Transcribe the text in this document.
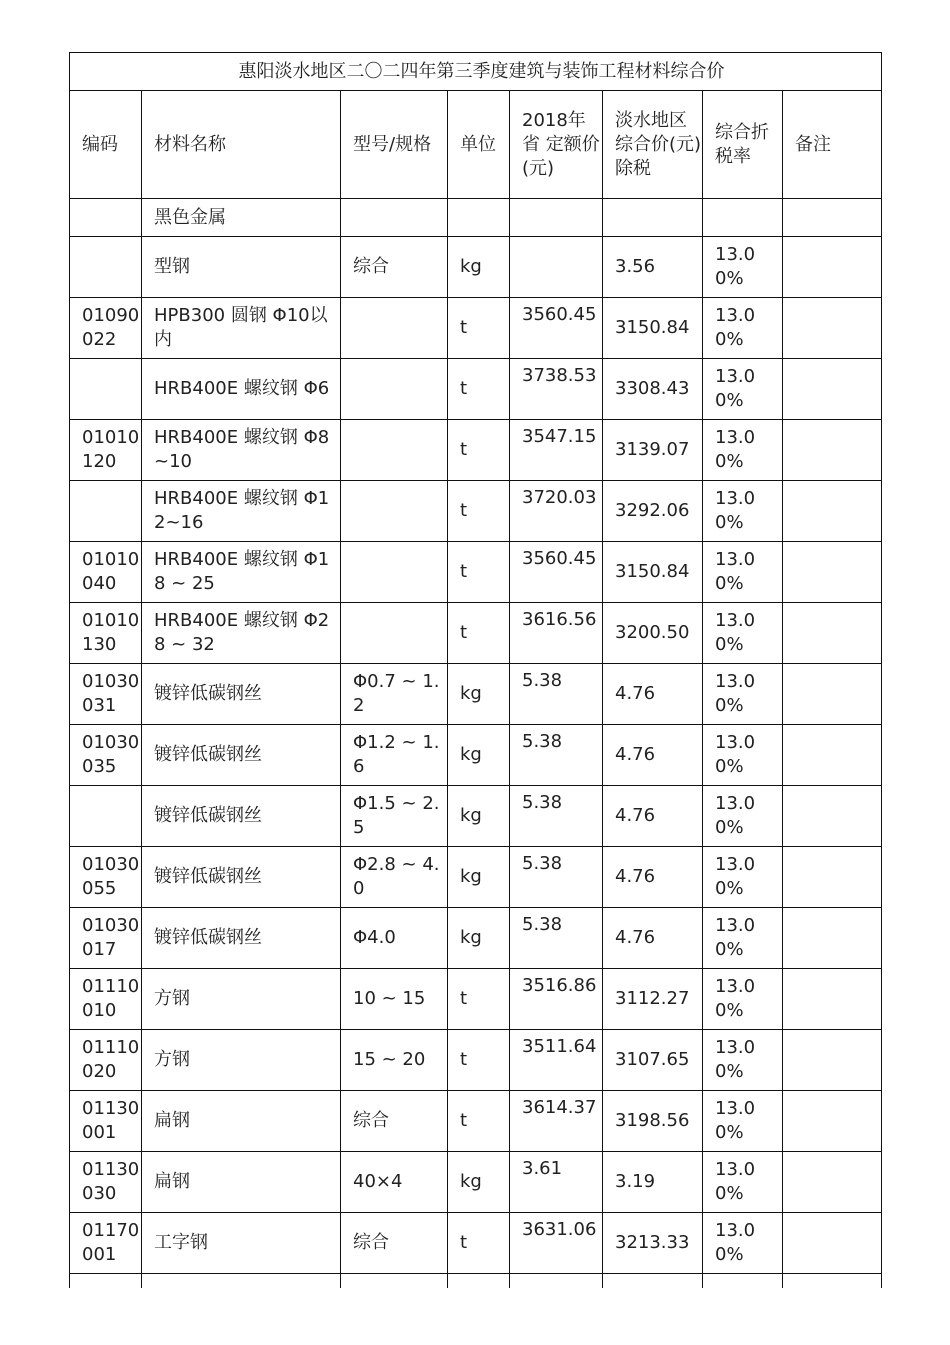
惠阳淡水地区二〇二四年第三季度建筑与装饰工程材料综合价							
编码	材料名称	型号/规格	单位	2018年省 定额价(元)	淡水地区综合价(元)除税	综合折税率	备注
	黑色金属						
	型钢	综合	kg		3.56	13.00%	
01090022	HPB300 圆钢 Φ10以内		t	3560.45	3150.84	13.00%	
	HRB400E 螺纹钢 Φ6		t	3738.53	3308.43	13.00%	
01010120	HRB400E 螺纹钢 Φ8~10		t	3547.15	3139.07	13.00%	
	HRB400E 螺纹钢 Φ12~16		t	3720.03	3292.06	13.00%	
01010040	HRB400E 螺纹钢 Φ18 ~ 25		t	3560.45	3150.84	13.00%	
01010130	HRB400E 螺纹钢 Φ28 ~ 32		t	3616.56	3200.50	13.00%	
01030031	镀锌低碳钢丝	Φ0.7 ~ 1.2	kg	5.38	4.76	13.00%	
01030035	镀锌低碳钢丝	Φ1.2 ~ 1.6	kg	5.38	4.76	13.00%	
	镀锌低碳钢丝	Φ1.5 ~ 2.5	kg	5.38	4.76	13.00%	
01030055	镀锌低碳钢丝	Φ2.8 ~ 4.0	kg	5.38	4.76	13.00%	
01030017	镀锌低碳钢丝	Φ4.0	kg	5.38	4.76	13.00%	
01110010	方钢	10 ~ 15	t	3516.86	3112.27	13.00%	
01110020	方钢	15 ~ 20	t	3511.64	3107.65	13.00%	
01130001	扁钢	综合	t	3614.37	3198.56	13.00%	
01130030	扁钢	40×4	kg	3.61	3.19	13.00%	
01170001	工字钢	综合	t	3631.06	3213.33	13.00%	
